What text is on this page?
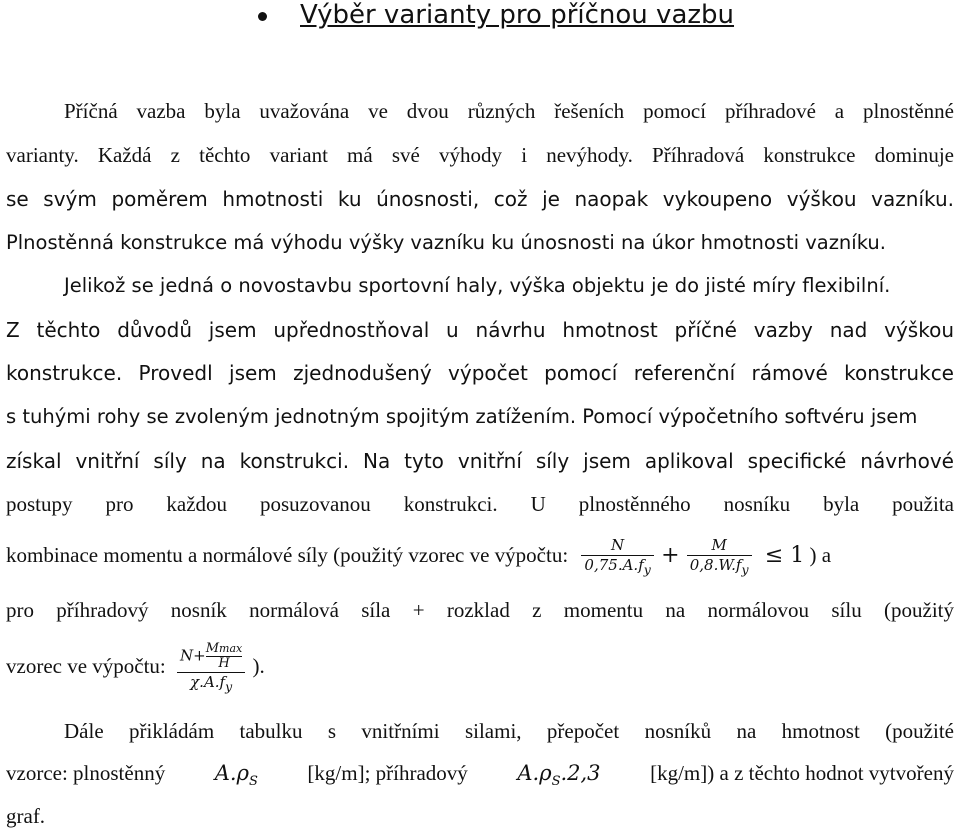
Výběr varianty pro příčnou vazbu
Příčná vazba byla uvažována ve dvou různých řešeních pomocí příhradové a plnostěnné
varianty. Každá z těchto variant má své výhody i nevýhody. Příhradová konstrukce dominuje
se svým poměrem hmotnosti ku únosnosti, což je naopak vykoupeno výškou vazníku.
Plnostěnná konstrukce má výhodu výšky vazníku ku únosnosti na úkor hmotnosti vazníku.
Jelikož se jedná o novostavbu sportovní haly, výška objektu je do jisté míry flexibilní.
Z těchto důvodů jsem upřednostňoval u návrhu hmotnost příčné vazby nad výškou
konstrukce. Provedl jsem zjednodušený výpočet pomocí referenční rámové konstrukce
s tuhými rohy se zvoleným jednotným spojitým zatížením. Pomocí výpočetního softvéru jsem
získal vnitřní síly na konstrukci. Na tyto vnitřní síly jsem aplikoval specifické návrhové
postupy pro každou posuzovanou konstrukci. U plnostěnného nosníku byla použita
kombinace momentu a normálové síly (použitý vzorec ve výpočtu: $\frac{N}{0,75.A.f_y} + \frac{M}{0,8.W.f_y} \le 1$ ) a
pro příhradový nosník normálová síla + rozklad z momentu na normálovou sílu (použitý
vzorec ve výpočtu: $\frac{N+ \frac{Mmax}{H}}{\chi.A.f_y}$ ).
Dále přikládám tabulku s vnitřními silami, přepočet nosníků na hmotnost (použité
vzorce: plnostěnný $A.\rho_S$ [kg/m]; příhradový $A.\rho_S.2,3$ [kg/m]) a z těchto hodnot vytvořený
graf.
